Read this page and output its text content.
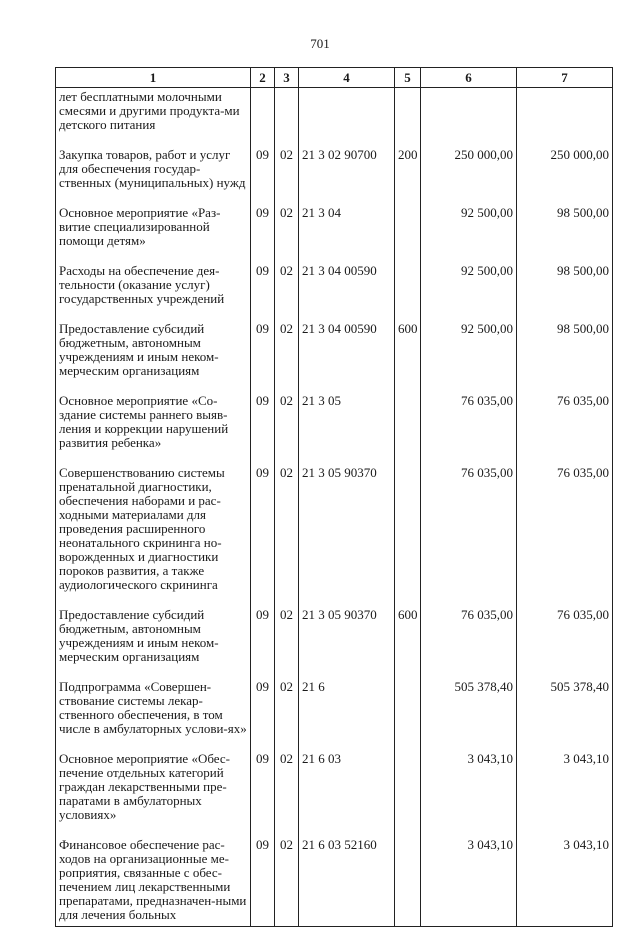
701
1	2	3	4	5	6	7
лет бесплатными молочными смесями и другими продукта-ми детского питания						
Закупка товаров, работ и услуг для обеспечения государ-ственных (муниципальных) нужд	09	02	21 3 02 90700	200	250 000,00	250 000,00
Основное мероприятие «Раз-витие специализированной помощи детям»	09	02	21 3 04		92 500,00	98 500,00
Расходы на обеспечение дея-тельности (оказание услуг) государственных учреждений	09	02	21 3 04 00590		92 500,00	98 500,00
Предоставление субсидий бюджетным, автономным учреждениям и иным неком-мерческим организациям	09	02	21 3 04 00590	600	92 500,00	98 500,00
Основное мероприятие «Со-здание системы раннего выяв-ления и коррекции нарушений развития ребенка»	09	02	21 3 05		76 035,00	76 035,00
Совершенствованию системы пренатальной диагностики, обеспечения наборами и рас-ходными материалами для проведения расширенного неонатального скрининга но-ворожденных и диагностики пороков развития, а также аудиологического скрининга	09	02	21 3 05 90370		76 035,00	76 035,00
Предоставление субсидий бюджетным, автономным учреждениям и иным неком-мерческим организациям	09	02	21 3 05 90370	600	76 035,00	76 035,00
Подпрограмма «Совершен-ствование системы лекар-ственного обеспечения, в том числе в амбулаторных услови-ях»	09	02	21 6		505 378,40	505 378,40
Основное мероприятие «Обес-печение отдельных категорий граждан лекарственными пре-паратами в амбулаторных условиях»	09	02	21 6 03		3 043,10	3 043,10
Финансовое обеспечение рас-ходов на организационные ме-роприятия, связанные с обес-печением лиц лекарственными препаратами, предназначен-ными для лечения больных	09	02	21 6 03 52160		3 043,10	3 043,10
